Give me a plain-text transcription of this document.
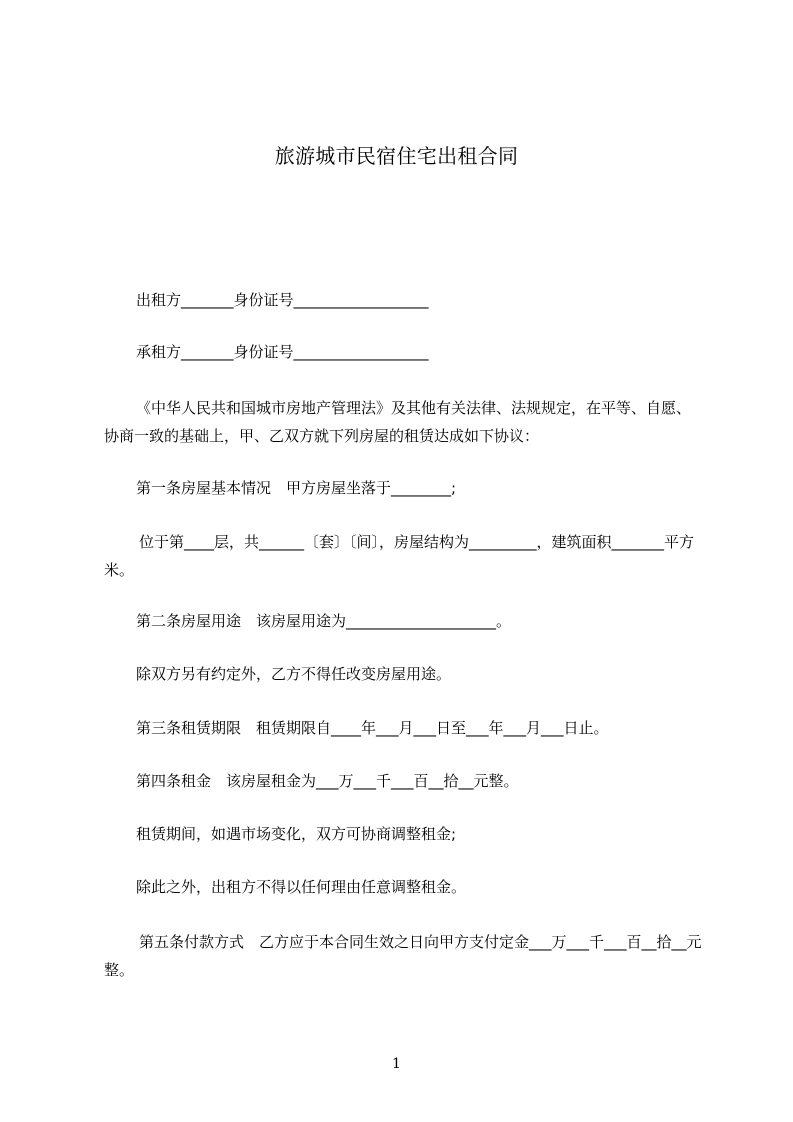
旅游城市民宿住宅出租合同

出租方_______身份证号__________________

承租方_______身份证号__________________

《中华人民共和国城市房地产管理法》及其他有关法律、法规规定，在平等、自愿、协商一致的基础上，甲、乙双方就下列房屋的租赁达成如下协议：

第一条房屋基本情况　甲方房屋坐落于________;

位于第____层，共______〔套〕〔间〕，房屋结构为_________，建筑面积_______平方米。

第二条房屋用途　该房屋用途为____________________。

除双方另有约定外，乙方不得任改变房屋用途。

第三条租赁期限　租赁期限自____年___月___日至___年___月___日止。

第四条租金　该房屋租金为___万___千___百__拾__元整。

租赁期间，如遇市场变化，双方可协商调整租金;

除此之外，出租方不得以任何理由任意调整租金。

第五条付款方式　乙方应于本合同生效之日向甲方支付定金___万___千___百__拾__元整。

1
